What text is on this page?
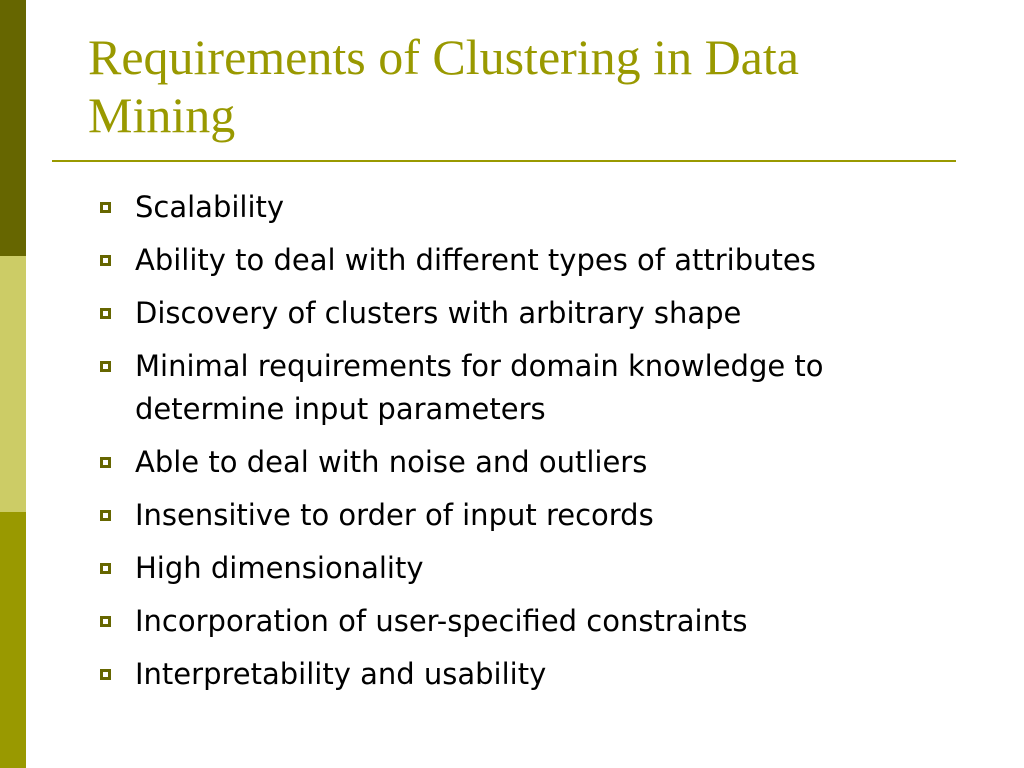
Requirements of Clustering in Data Mining
Scalability
Ability to deal with different types of attributes
Discovery of clusters with arbitrary shape
Minimal requirements for domain knowledge to determine input parameters
Able to deal with noise and outliers
Insensitive to order of input records
High dimensionality
Incorporation of user-specified constraints
Interpretability and usability
